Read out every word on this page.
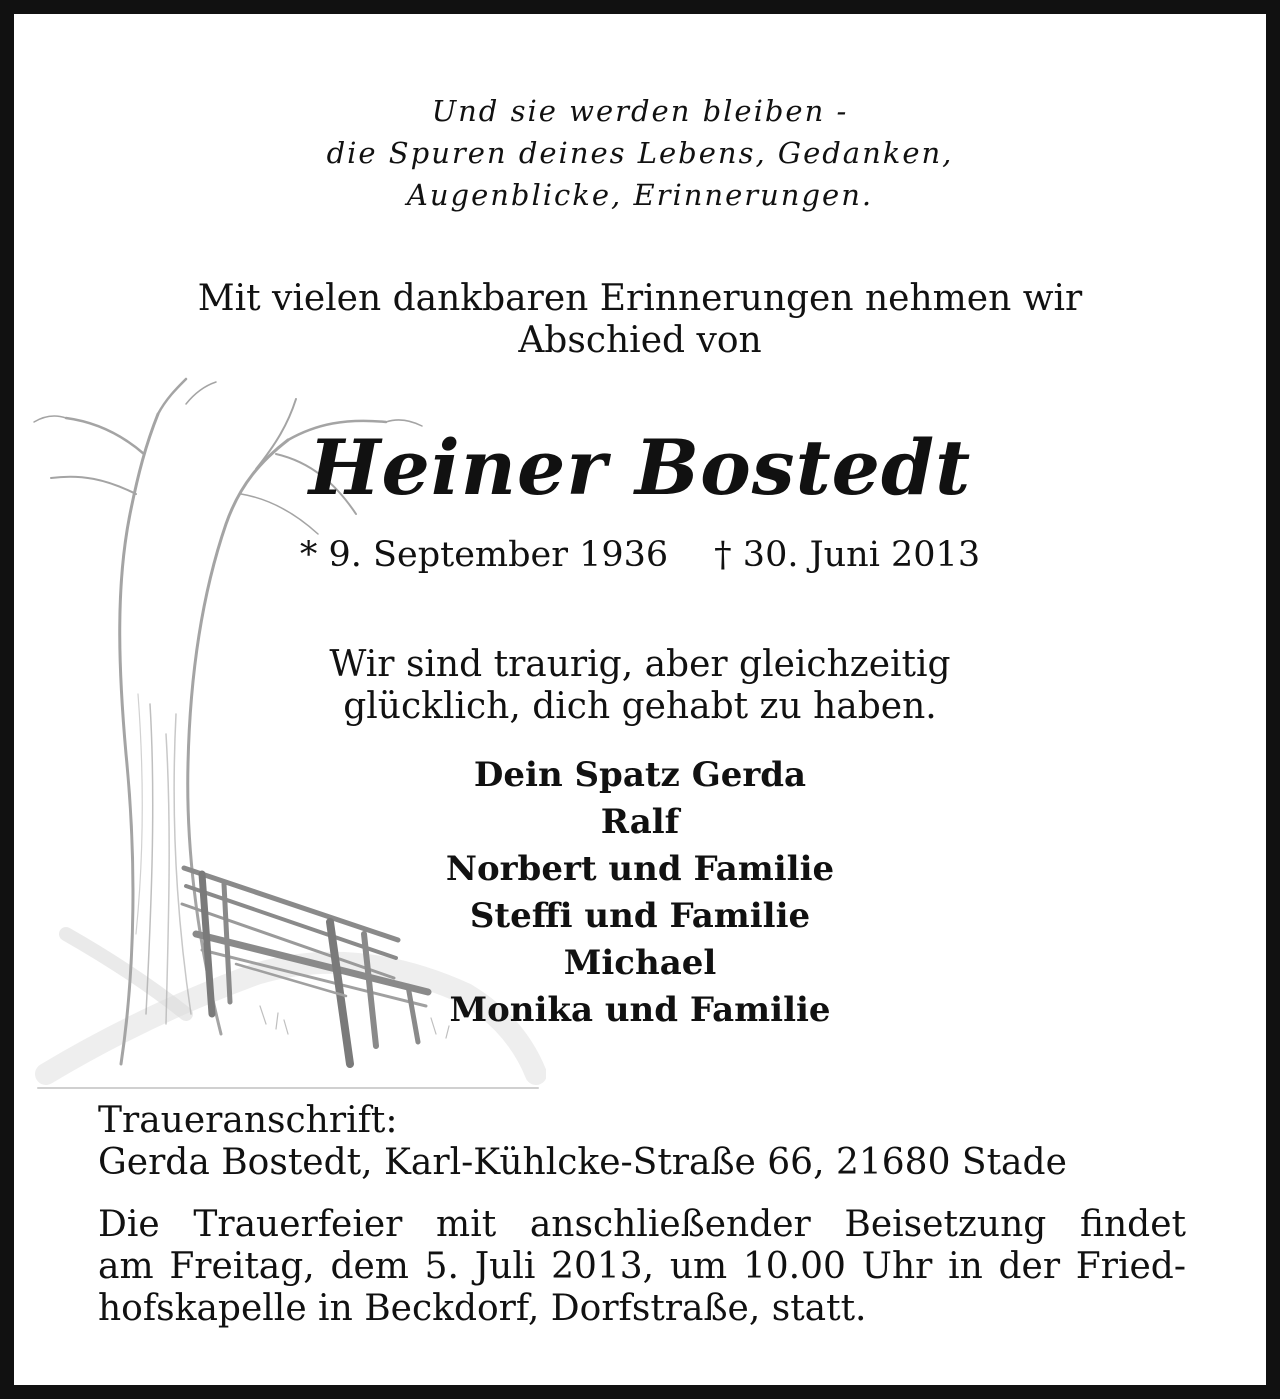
Und sie werden bleiben -
die Spuren deines Lebens, Gedanken,
Augenblicke, Erinnerungen.
Mit vielen dankbaren Erinnerungen nehmen wir
Abschied von
Heiner Bostedt
* 9. September 1936 † 30. Juni 2013
Wir sind traurig, aber gleichzeitig
glücklich, dich gehabt zu haben.
Dein Spatz Gerda
Ralf
Norbert und Familie
Steffi und Familie
Michael
Monika und Familie
Traueranschrift:
Gerda Bostedt, Karl-Kühlcke-Straße 66, 21680 Stade
Die Trauerfeier mit anschließender Beisetzung findet
am Freitag, dem 5. Juli 2013, um 10.00 Uhr in der Fried-
hofskapelle in Beckdorf, Dorfstraße, statt.
